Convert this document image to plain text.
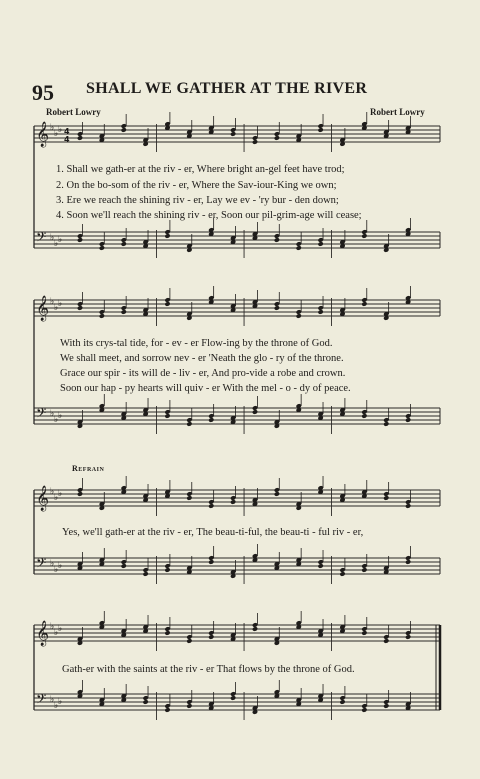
95 SHALL WE GATHER AT THE RIVER
Robert Lowry	Robert Lowry
Refrain
𝄞 ♭
♭ ♭
𝄢 ♭
♭ ♭
4
4
𝄞 ♭
♭ ♭
𝄢 ♭
♭ ♭
𝄞 ♭
♭ ♭
𝄢 ♭
♭ ♭
𝄞 ♭
♭ ♭
𝄢 ♭
♭ ♭
1. Shall we gath-er at the riv - er, Where bright an-gel feet have trod;
2. On the bo-som of the riv - er, Where the Sav-iour-King we own;
3. Ere we reach the shining riv - er, Lay we ev - 'ry bur - den down;
4. Soon we'll reach the shining riv - er, Soon our pil-grim-age will cease;
With its crys-tal tide, for - ev - er Flow-ing by the throne of God.
We shall meet, and sorrow nev - er 'Neath the glo - ry of the throne.
Grace our spir - its will de - liv - er, And pro-vide a robe and crown.
Soon our hap - py hearts will quiv - er With the mel - o - dy of peace.
Yes, we'll gath-er at the riv - er, The beau-ti-ful, the beau-ti - ful riv - er,
Gath-er with the saints at the riv - er That flows by the throne of God.
